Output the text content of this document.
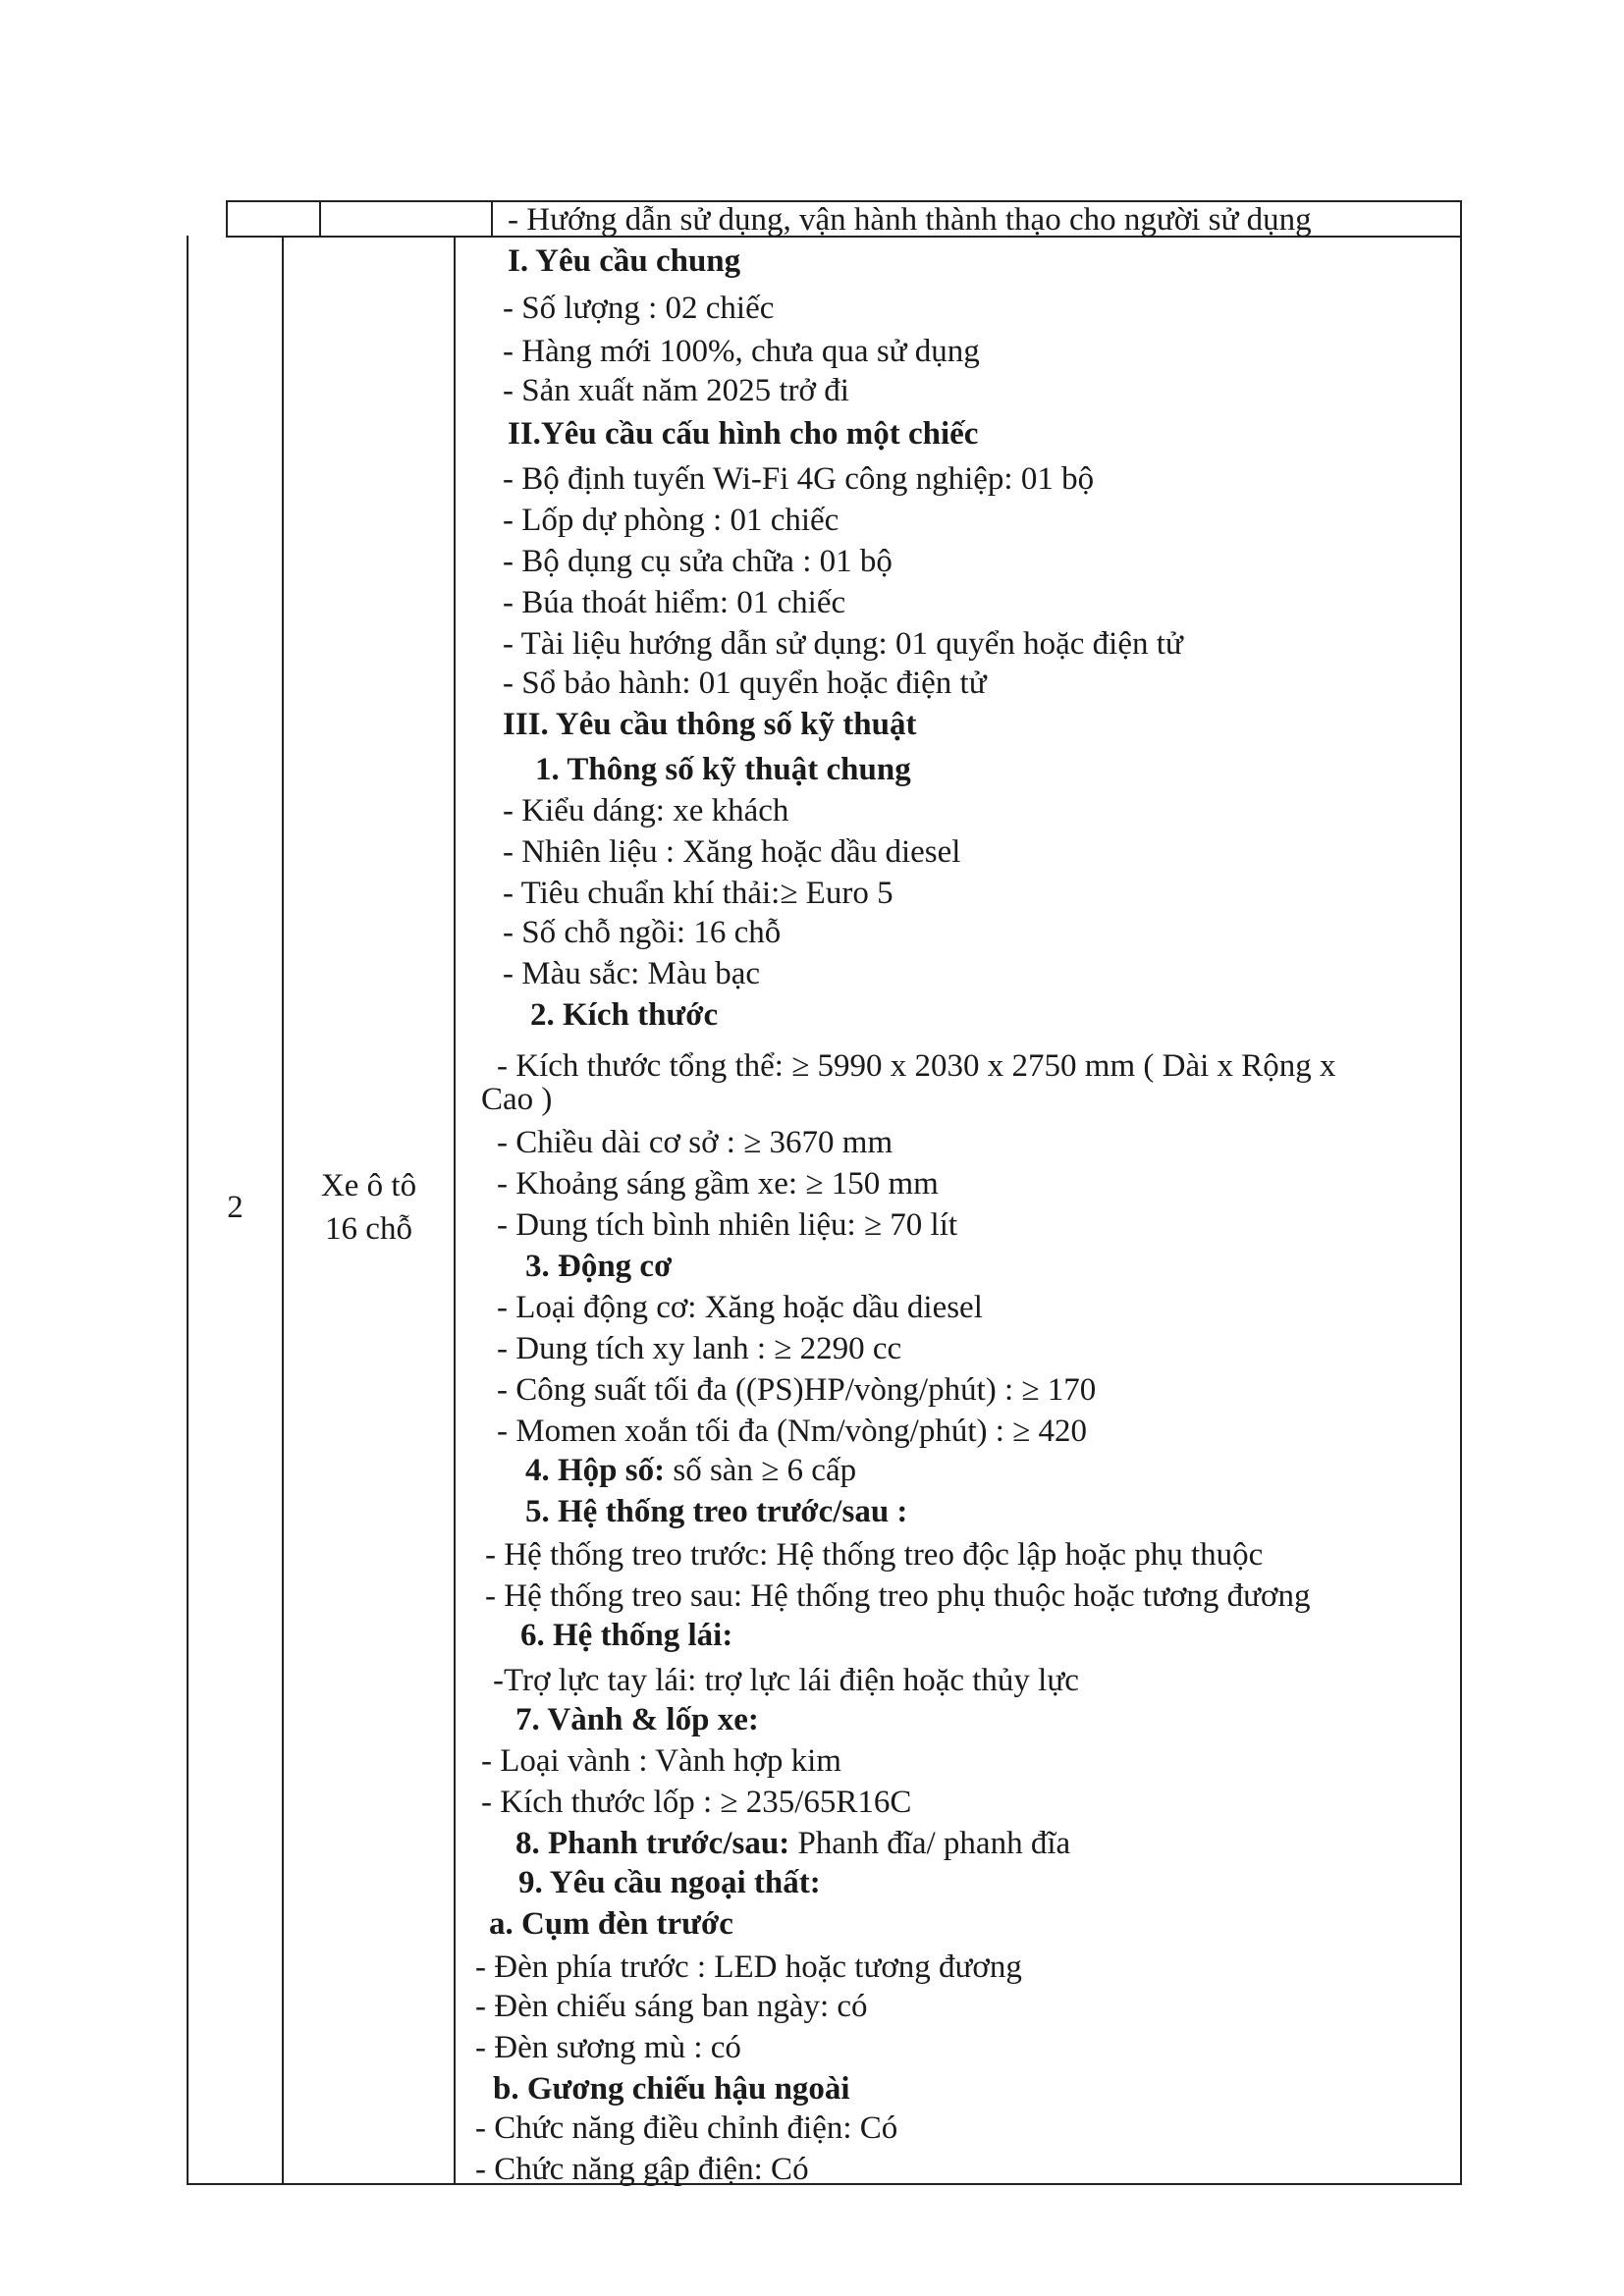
- Hướng dẫn sử dụng, vận hành thành thạo cho người sử dụng
2
Xe ô tô
16 chỗ
I. Yêu cầu chung
- Số lượng : 02 chiếc
- Hàng mới 100%, chưa qua sử dụng
- Sản xuất năm 2025 trở đi
II.Yêu cầu cấu hình cho một chiếc
- Bộ định tuyến Wi-Fi 4G công nghiệp: 01 bộ
- Lốp dự phòng : 01 chiếc
- Bộ dụng cụ sửa chữa : 01 bộ
- Búa thoát hiểm: 01 chiếc
- Tài liệu hướng dẫn sử dụng: 01 quyển hoặc điện tử
- Sổ bảo hành: 01 quyển hoặc điện tử
III. Yêu cầu thông số kỹ thuật
1. Thông số kỹ thuật chung
- Kiểu dáng: xe khách
- Nhiên liệu : Xăng hoặc dầu diesel
- Tiêu chuẩn khí thải:≥ Euro 5
- Số chỗ ngồi: 16 chỗ
- Màu sắc: Màu bạc
2. Kích thước
- Kích thước tổng thể: ≥ 5990 x 2030 x 2750 mm ( Dài x Rộng x
Cao )
- Chiều dài cơ sở : ≥ 3670 mm
- Khoảng sáng gầm xe: ≥ 150 mm
- Dung tích bình nhiên liệu: ≥ 70 lít
3. Động cơ
- Loại động cơ: Xăng hoặc dầu diesel
- Dung tích xy lanh : ≥ 2290 cc
- Công suất tối đa ((PS)HP/vòng/phút) : ≥ 170
- Momen xoắn tối đa (Nm/vòng/phút) : ≥ 420
4. Hộp số: số sàn ≥ 6 cấp
5. Hệ thống treo trước/sau :
- Hệ thống treo trước: Hệ thống treo độc lập hoặc phụ thuộc
- Hệ thống treo sau: Hệ thống treo phụ thuộc hoặc tương đương
6. Hệ thống lái:
-Trợ lực tay lái: trợ lực lái điện hoặc thủy lực
7. Vành & lốp xe:
- Loại vành : Vành hợp kim
- Kích thước lốp : ≥ 235/65R16C
8. Phanh trước/sau: Phanh đĩa/ phanh đĩa
9. Yêu cầu ngoại thất:
a. Cụm đèn trước
- Đèn phía trước : LED hoặc tương đương
- Đèn chiếu sáng ban ngày: có
- Đèn sương mù : có
b. Gương chiếu hậu ngoài
- Chức năng điều chỉnh điện: Có
- Chức năng gập điện: Có
